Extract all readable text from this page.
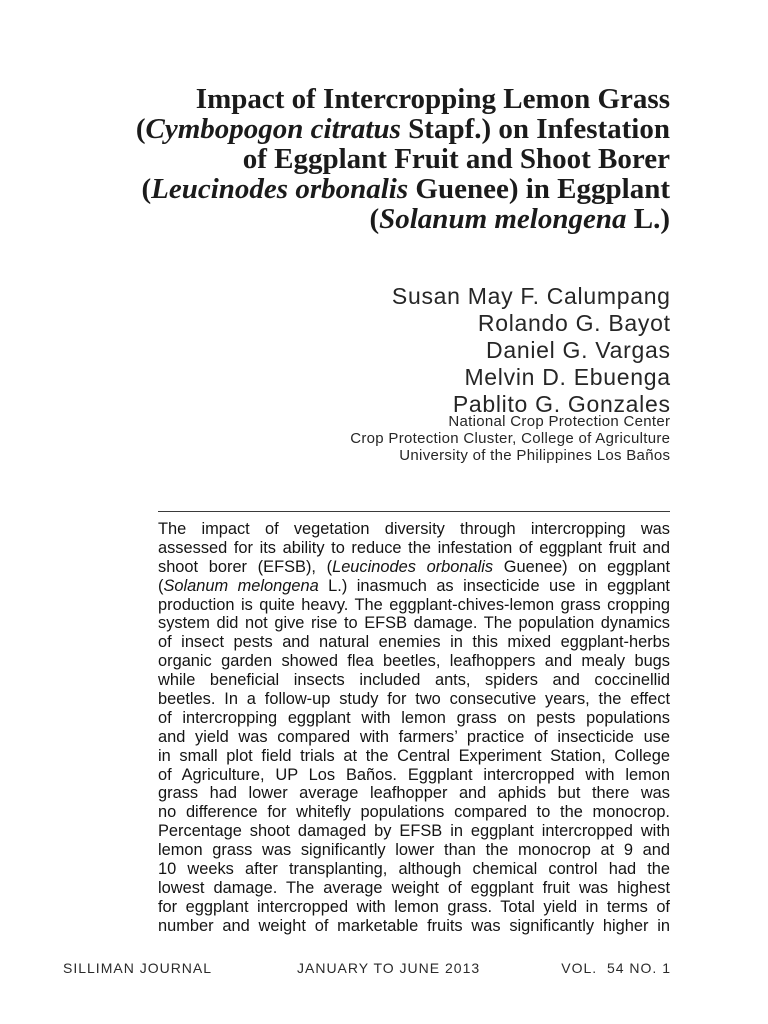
Impact of Intercropping Lemon Grass
(Cymbopogon citratus Stapf.) on Infestation
of Eggplant Fruit and Shoot Borer
(Leucinodes orbonalis Guenee) in Eggplant
(Solanum melongena L.)
Susan May F. Calumpang
Rolando G. Bayot
Daniel G. Vargas
Melvin D. Ebuenga
Pablito G. Gonzales
National Crop Protection Center
Crop Protection Cluster, College of Agriculture
University of the Philippines Los Baños
The impact of vegetation diversity through intercropping was
assessed for its ability to reduce the infestation of eggplant fruit and
shoot borer (EFSB), (Leucinodes orbonalis Guenee) on eggplant
(Solanum melongena L.) inasmuch as insecticide use in eggplant
production is quite heavy. The eggplant-chives-lemon grass cropping
system did not give rise to EFSB damage. The population dynamics
of insect pests and natural enemies in this mixed eggplant-herbs
organic garden showed flea beetles, leafhoppers and mealy bugs
while beneficial insects included ants, spiders and coccinellid
beetles. In a follow-up study for two consecutive years, the effect
of intercropping eggplant with lemon grass on pests populations
and yield was compared with farmers’ practice of insecticide use
in small plot field trials at the Central Experiment Station, College
of Agriculture, UP Los Baños. Eggplant intercropped with lemon
grass had lower average leafhopper and aphids but there was
no difference for whitefly populations compared to the monocrop.
Percentage shoot damaged by EFSB in eggplant intercropped with
lemon grass was significantly lower than the monocrop at 9 and
10 weeks after transplanting, although chemical control had the
lowest damage. The average weight of eggplant fruit was highest
for eggplant intercropped with lemon grass. Total yield in terms of
number and weight of marketable fruits was significantly higher in
SILLIMAN JOURNAL	JANUARY TO JUNE 2013	VOL.  54 NO. 1
